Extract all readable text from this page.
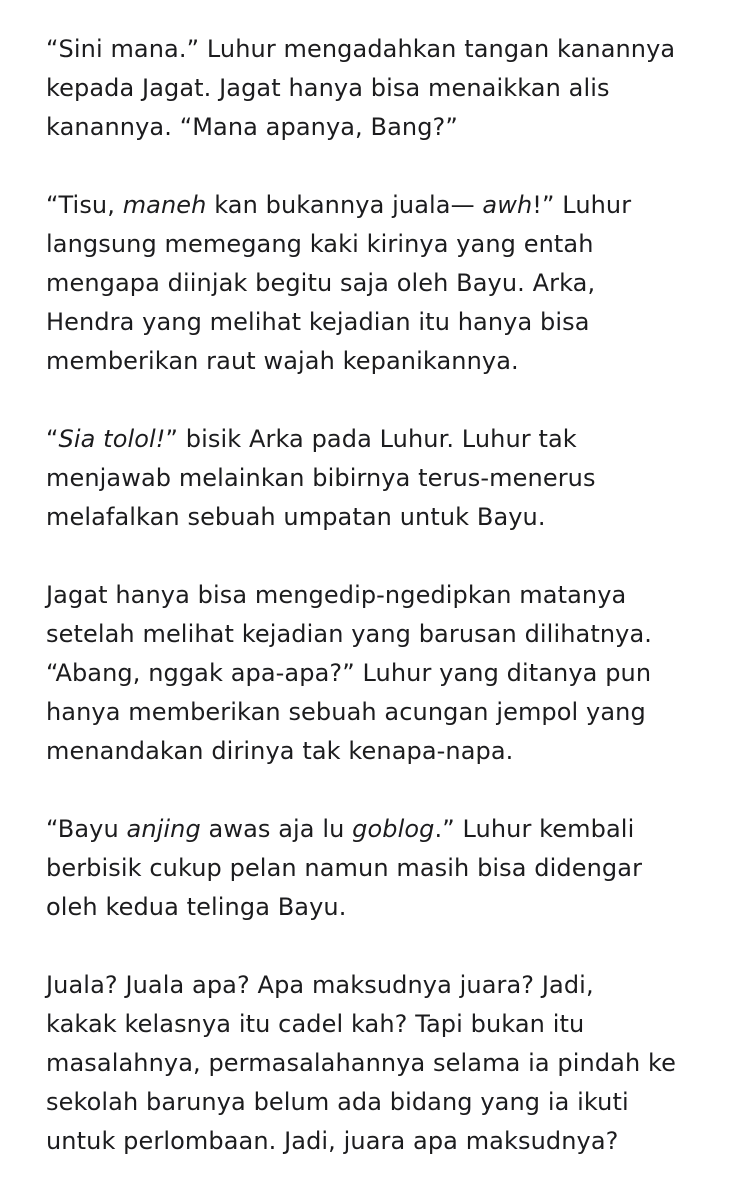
“Sini mana.” Luhur mengadahkan tangan kanannya
kepada Jagat. Jagat hanya bisa menaikkan alis
kanannya. “Mana apanya, Bang?”

“Tisu, maneh kan bukannya juala— awh!” Luhur
langsung memegang kaki kirinya yang entah
mengapa diinjak begitu saja oleh Bayu. Arka,
Hendra yang melihat kejadian itu hanya bisa
memberikan raut wajah kepanikannya.

“Sia tolol!” bisik Arka pada Luhur. Luhur tak
menjawab melainkan bibirnya terus-menerus
melafalkan sebuah umpatan untuk Bayu.

Jagat hanya bisa mengedip-ngedipkan matanya
setelah melihat kejadian yang barusan dilihatnya.
“Abang, nggak apa-apa?” Luhur yang ditanya pun
hanya memberikan sebuah acungan jempol yang
menandakan dirinya tak kenapa-napa.

“Bayu anjing awas aja lu goblog.” Luhur kembali
berbisik cukup pelan namun masih bisa didengar
oleh kedua telinga Bayu.

Juala? Juala apa? Apa maksudnya juara? Jadi,
kakak kelasnya itu cadel kah? Tapi bukan itu
masalahnya, permasalahannya selama ia pindah ke
sekolah barunya belum ada bidang yang ia ikuti
untuk perlombaan. Jadi, juara apa maksudnya?
